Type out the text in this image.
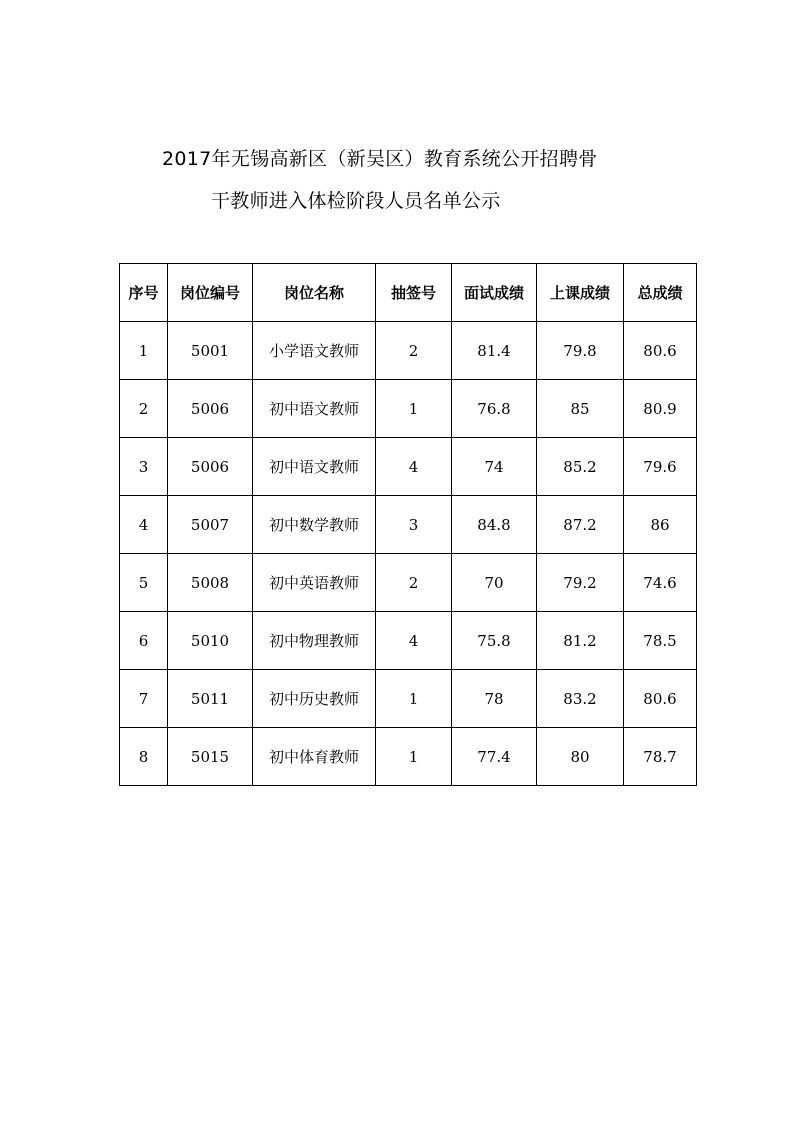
2017年无锡高新区（新吴区）教育系统公开招聘骨
干教师进入体检阶段人员名单公示
序号	岗位编号	岗位名称	抽签号	面试成绩	上课成绩	总成绩
1	5001	小学语文教师	2	81.4	79.8	80.6
2	5006	初中语文教师	1	76.8	85	80.9
3	5006	初中语文教师	4	74	85.2	79.6
4	5007	初中数学教师	3	84.8	87.2	86
5	5008	初中英语教师	2	70	79.2	74.6
6	5010	初中物理教师	4	75.8	81.2	78.5
7	5011	初中历史教师	1	78	83.2	80.6
8	5015	初中体育教师	1	77.4	80	78.7
